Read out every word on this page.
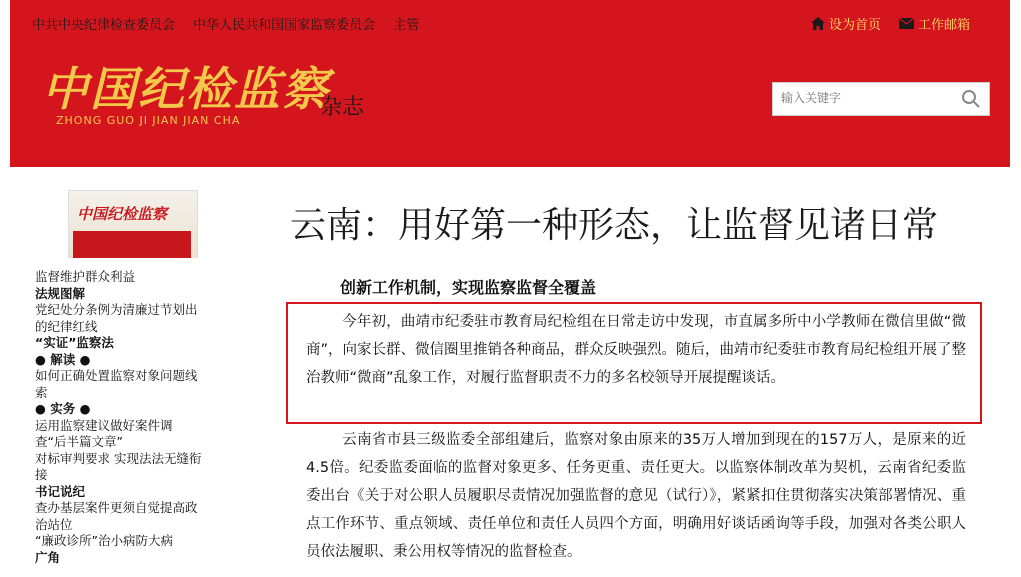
中共中央纪律检查委员会 中华人民共和国国家监察委员会 主管	设为首页	工作邮箱
中国纪检监察
ZHONG GUO JI JIAN JIAN CHA
杂志
输入关键字
中国纪检监察	云南：用好第一种形态，让监督见诸日常
监督维护群众利益
法规图解
党纪处分条例为清廉过节划出
的纪律红线
“实证”监察法
● 解读 ●
如何正确处置监察对象问题线
索
● 实务 ●
运用监察建议做好案件调
查“后半篇文章”
对标审判要求 实现法法无缝衔
接
书记说纪
查办基层案件更须自觉提高政
治站位
“廉政诊所”治小病防大病
广角
创新工作机制，实现监察监督全覆盖
今年初，曲靖市纪委驻市教育局纪检组在日常走访中发现，市直属多所中小学教师在微信里做“微商”，向家长群、微信圈里推销各种商品，群众反映强烈。随后，曲靖市纪委驻市教育局纪检组开展了整治教师“微商”乱象工作，对履行监督职责不力的多名校领导开展提醒谈话。
云南省市县三级监委全部组建后，监察对象由原来的35万人增加到现在的157万人，是原来的近4.5倍。纪委监委面临的监督对象更多、任务更重、责任更大。以监察体制改革为契机，云南省纪委监委出台《关于对公职人员履职尽责情况加强监督的意见（试行）》，紧紧扣住贯彻落实决策部署情况、重点工作环节、重点领域、责任单位和责任人员四个方面，明确用好谈话函询等手段，加强对各类公职人员依法履职、秉公用权等情况的监督检查。
